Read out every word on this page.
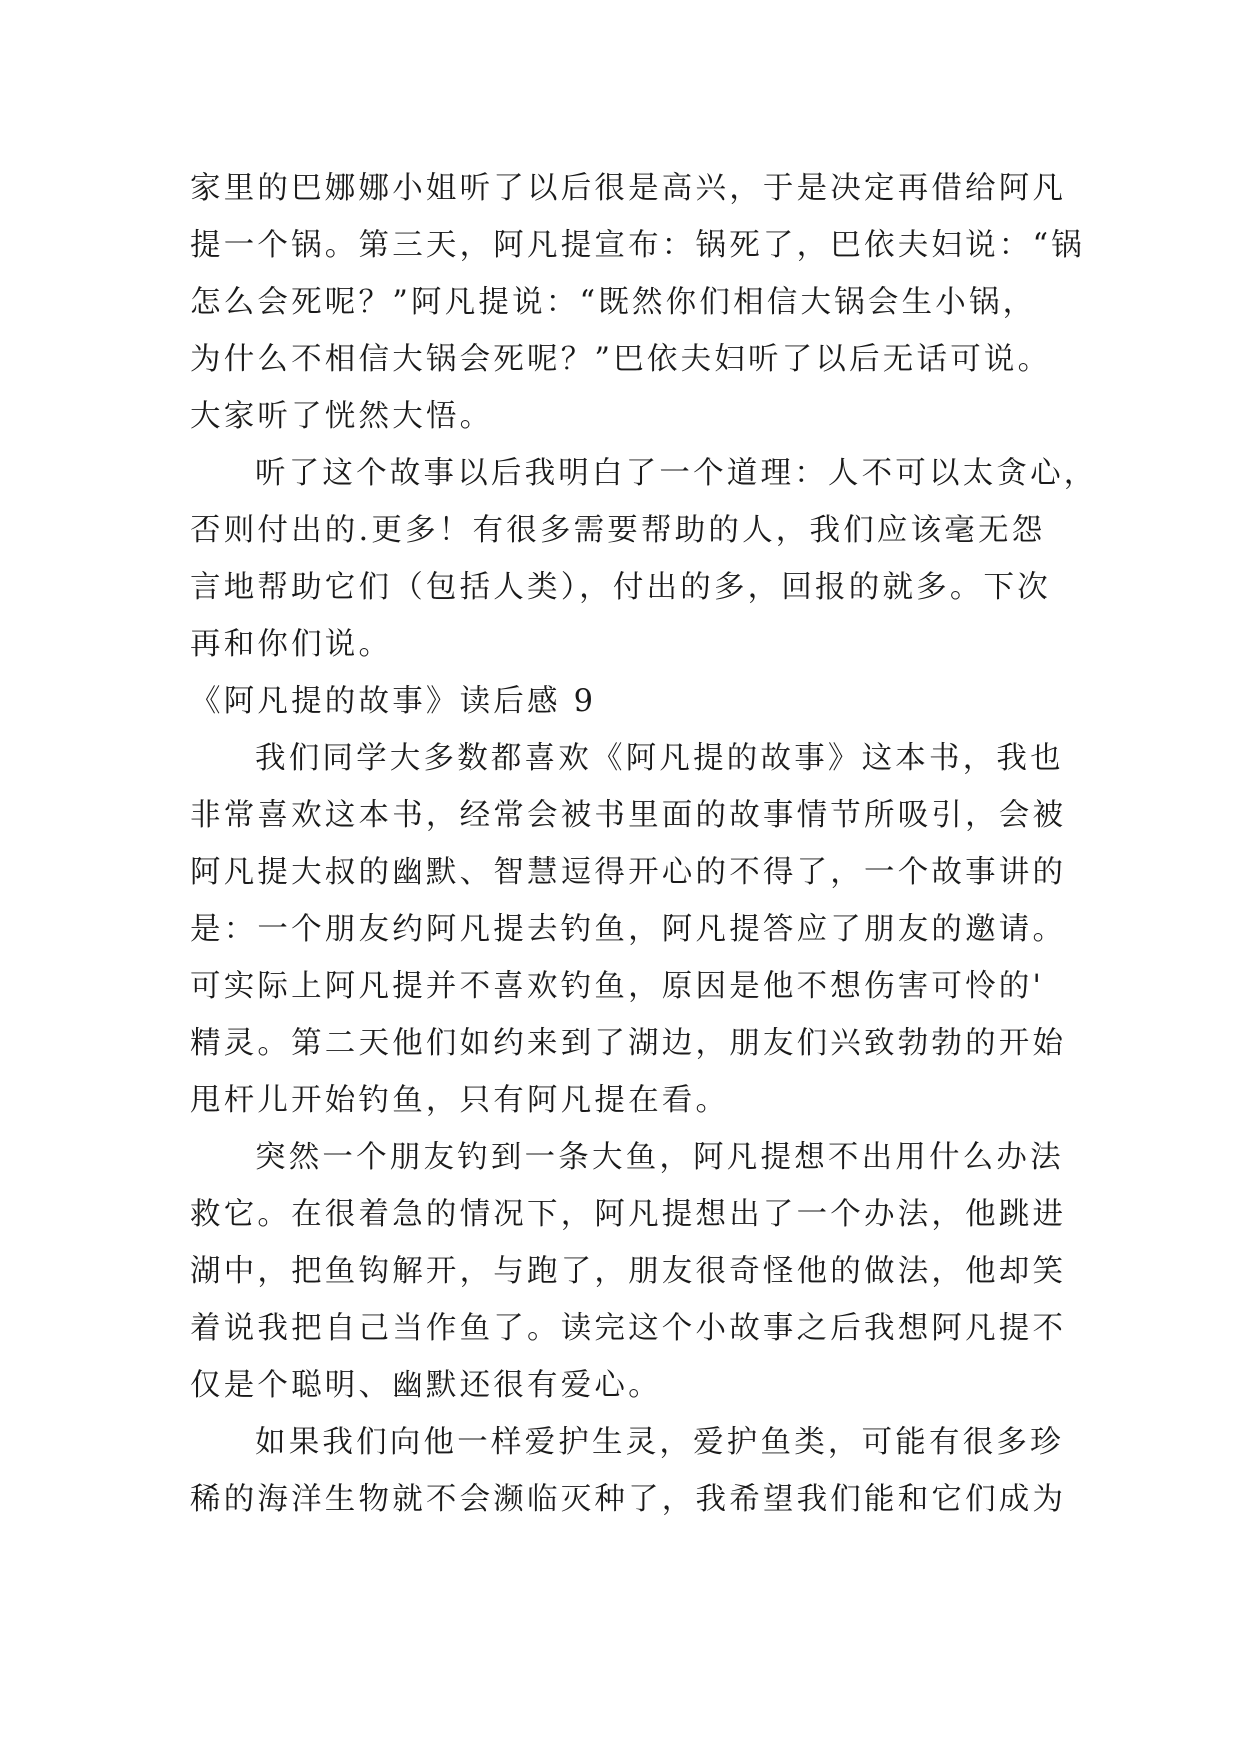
家里的巴娜娜小姐听了以后很是高兴，于是决定再借给阿凡
提一个锅。第三天，阿凡提宣布：锅死了，巴依夫妇说：“锅
怎么会死呢？”阿凡提说：“既然你们相信大锅会生小锅，
为什么不相信大锅会死呢？”巴依夫妇听了以后无话可说。
大家听了恍然大悟。
听了这个故事以后我明白了一个道理：人不可以太贪心，
否则付出的.更多！有很多需要帮助的人，我们应该毫无怨
言地帮助它们（包括人类），付出的多，回报的就多。下次
再和你们说。
《阿凡提的故事》读后感 9
我们同学大多数都喜欢《阿凡提的故事》这本书，我也
非常喜欢这本书，经常会被书里面的故事情节所吸引，会被
阿凡提大叔的幽默、智慧逗得开心的不得了，一个故事讲的
是：一个朋友约阿凡提去钓鱼，阿凡提答应了朋友的邀请。
可实际上阿凡提并不喜欢钓鱼，原因是他不想伤害可怜的'
精灵。第二天他们如约来到了湖边，朋友们兴致勃勃的开始
甩杆儿开始钓鱼，只有阿凡提在看。
突然一个朋友钓到一条大鱼，阿凡提想不出用什么办法
救它。在很着急的情况下，阿凡提想出了一个办法，他跳进
湖中，把鱼钩解开，与跑了，朋友很奇怪他的做法，他却笑
着说我把自己当作鱼了。读完这个小故事之后我想阿凡提不
仅是个聪明、幽默还很有爱心。
如果我们向他一样爱护生灵，爱护鱼类，可能有很多珍
稀的海洋生物就不会濒临灭种了，我希望我们能和它们成为
